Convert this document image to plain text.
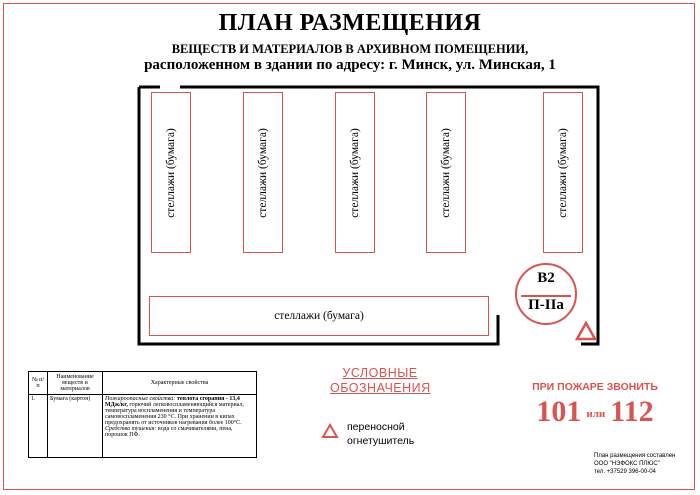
ПЛАН РАЗМЕЩЕНИЯ
ВЕЩЕСТВ И МАТЕРИАЛОВ В АРХИВНОМ ПОМЕЩЕНИИ,
расположенном в здании по адресу: г. Минск, ул. Минская, 1
стеллажи (бумага)	стеллажи (бумага)	стеллажи (бумага)	стеллажи (бумага)	стеллажи (бумага)
стеллажи (бумага)
B2
П-IIа
№ п/п	Наименование веществ и материалов	Характерные свойства
1.	Бумага (картон)	Пожароопасные свойства: теплота сгорания - 13,4 МДж/кг, горючий легковоспламеняющийся материал, температура воспламенения и температура самовоспламенения 230 °С. При хранении в кипах предохранять от источников нагревания более 100°С. Средства тушения: вода со смачивателями, пена, порошок ПФ.
УСЛОВНЫЕ
ОБОЗНАЧЕНИЯ
переносной
огнетушитель
ПРИ ПОЖАРЕ ЗВОНИТЬ
101 или 112
План размещения составлен
ООО "НЭФОКС ПЛЮС"
тел. +37529 396-00-04
